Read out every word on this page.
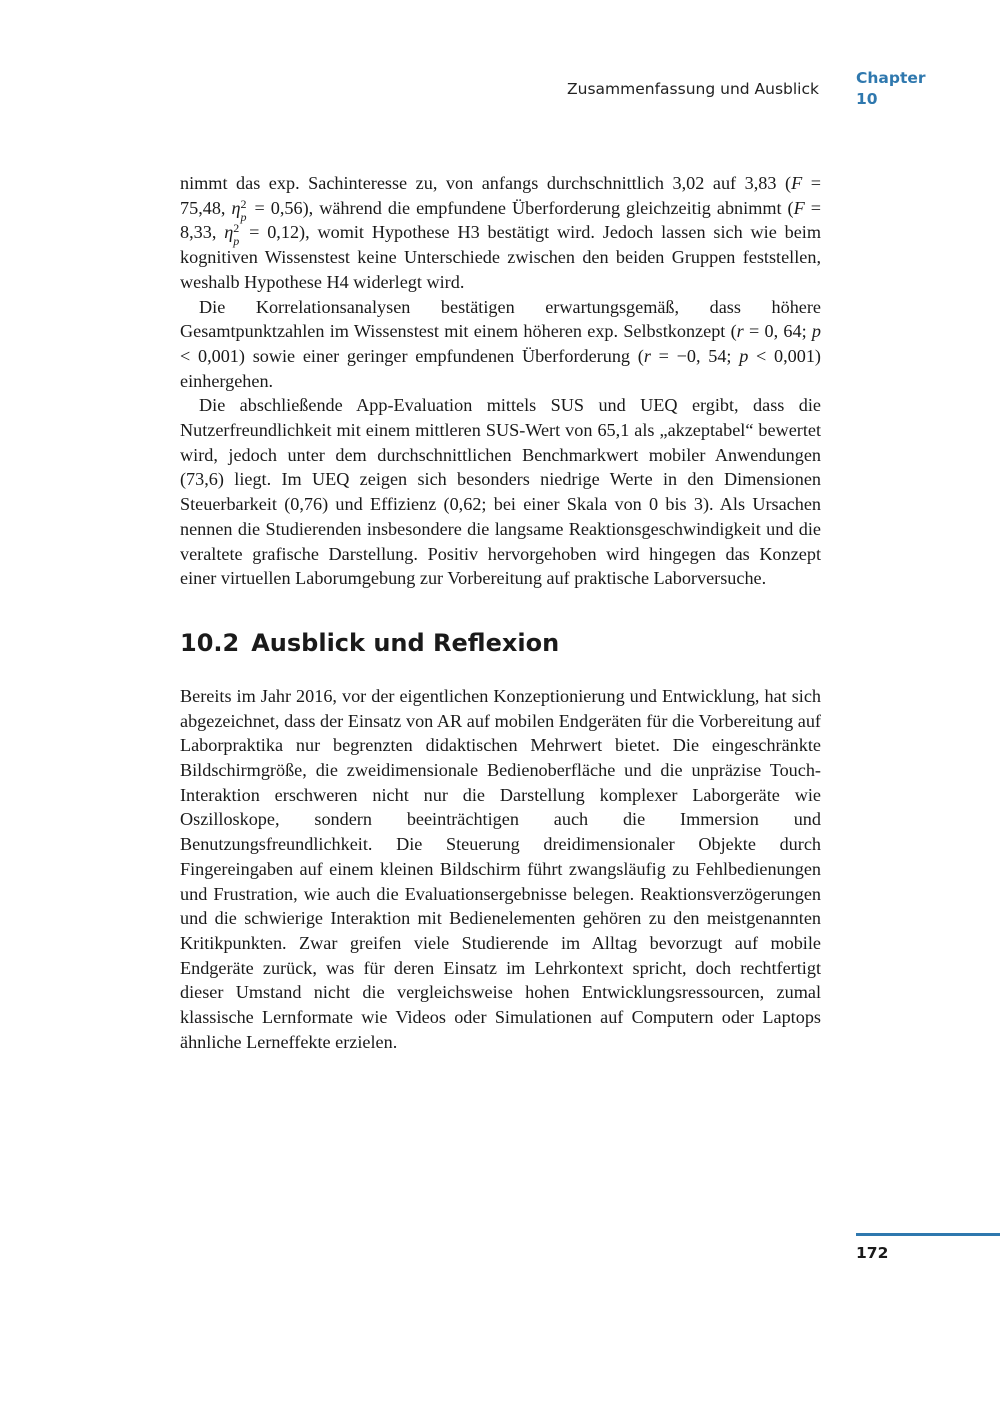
Zusammenfassung und Ausblick
Chapter
10

nimmt das exp. Sachinteresse zu, von anfangs durchschnittlich 3,02 auf 3,83 (F = 75,48, η 2
p = 0,56), während die empfundene Überforderung gleichzeitig abnimmt (F = 8,33, η 2
p = 0,12), womit Hypothese H3 bestätigt wird. Jedoch lassen sich wie beim kognitiven Wissenstest keine Unterschiede zwischen den beiden Gruppen feststellen, weshalb Hypothese H4 widerlegt wird.

Die Korrelationsanalysen bestätigen erwartungsgemäß, dass höhere Gesamtpunktzahlen im Wissenstest mit einem höheren exp. Selbstkonzept (r = 0, 64; p < 0,001) sowie einer geringer empfundenen Überforderung (r = −0, 54; p < 0,001) einhergehen.

Die abschließende App-Evaluation mittels SUS und UEQ ergibt, dass die Nutzerfreundlichkeit mit einem mittleren SUS-Wert von 65,1 als „akzeptabel“ bewertet wird, jedoch unter dem durchschnittlichen Benchmarkwert mobiler Anwendungen (73,6) liegt. Im UEQ zeigen sich besonders niedrige Werte in den Dimensionen Steuerbarkeit (0,76) und Effizienz (0,62; bei einer Skala von 0 bis 3). Als Ursachen nennen die Studierenden insbesondere die langsame Reaktionsgeschwindigkeit und die veraltete grafische Darstellung. Positiv hervorgehoben wird hingegen das Konzept einer virtuellen Laborumgebung zur Vorbereitung auf praktische Laborversuche.

10.2 Ausblick und Reflexion

Bereits im Jahr 2016, vor der eigentlichen Konzeptionierung und Entwicklung, hat sich abgezeichnet, dass der Einsatz von AR auf mobilen Endgeräten für die Vorbereitung auf Laborpraktika nur begrenzten didaktischen Mehrwert bietet. Die eingeschränkte Bildschirmgröße, die zweidimensionale Bedienoberfläche und die unpräzise Touch-Interaktion erschweren nicht nur die Darstellung komplexer Laborgeräte wie Oszilloskope, sondern beeinträchtigen auch die Immersion und Benutzungsfreundlichkeit. Die Steuerung dreidimensionaler Objekte durch Fingereingaben auf einem kleinen Bildschirm führt zwangsläufig zu Fehlbedienungen und Frustration, wie auch die Evaluationsergebnisse belegen. Reaktionsverzögerungen und die schwierige Interaktion mit Bedienelementen gehören zu den meistgenannten Kritikpunkten. Zwar greifen viele Studierende im Alltag bevorzugt auf mobile Endgeräte zurück, was für deren Einsatz im Lehrkontext spricht, doch rechtfertigt dieser Umstand nicht die vergleichsweise hohen Entwicklungsressourcen, zumal klassische Lernformate wie Videos oder Simulationen auf Computern oder Laptops ähnliche Lerneffekte erzielen.

172
